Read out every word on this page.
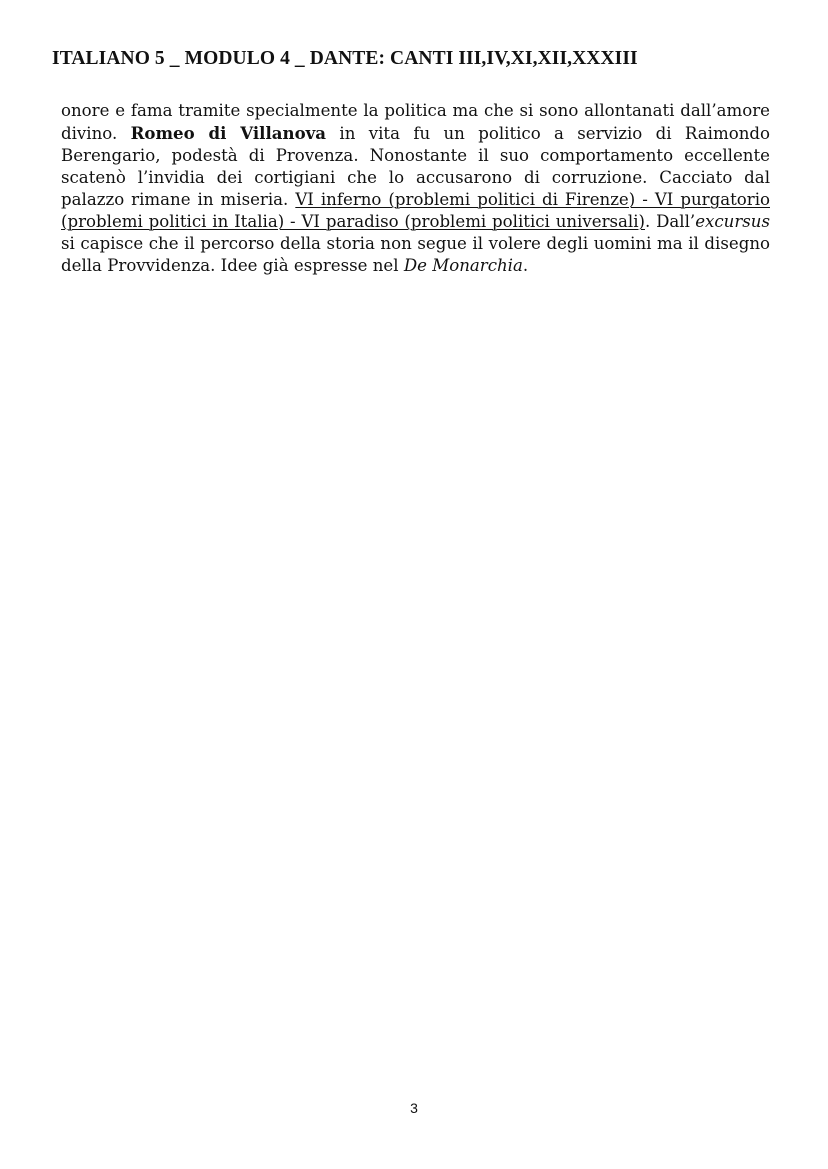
ITALIANO 5 _ MODULO 4 _ DANTE: CANTI III,IV,XI,XII,XXXIII

onore e fama tramite specialmente la politica ma che si sono allontanati dall’amore divino. Romeo di Villanova in vita fu un politico a servizio di Raimondo Berengario, podestà di Provenza. Nonostante il suo comportamento eccellente scatenò l’invidia dei cortigiani che lo accusarono di corruzione. Cacciato dal palazzo rimane in miseria. VI inferno (problemi politici di Firenze) - VI purgatorio (problemi politici in Italia) - VI paradiso (problemi politici universali). Dall’excursus si capisce che il percorso della storia non segue il volere degli uomini ma il disegno della Provvidenza. Idee già espresse nel De Monarchia.

3
